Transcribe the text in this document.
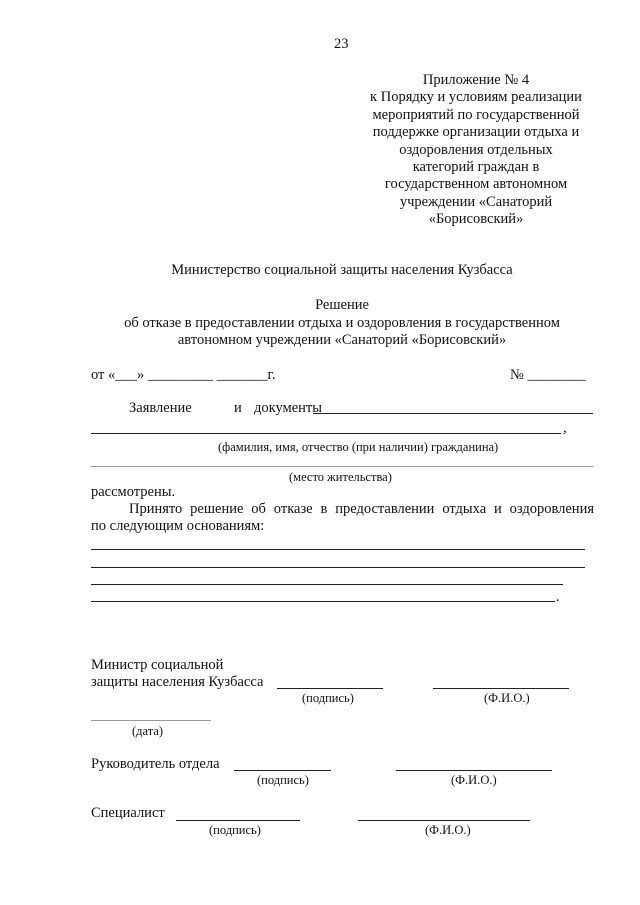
23
Приложение № 4
к Порядку и условиям реализации
мероприятий по государственной
поддержке организации отдыха и
оздоровления отдельных
категорий граждан в
государственном автономном
учреждении «Санаторий
«Борисовский»
Министерство социальной защиты населения Кузбасса
Решение
об отказе в предоставлении отдыха и оздоровления в государственном
автономном учреждении «Санаторий «Борисовский»
от «___» _________ _______г.	№ ________
Заявление	и документы
,
(фамилия, имя, отчество (при наличии) гражданина)
(место жительства)
рассмотрены.
Принято решение об отказе в предоставлении отдыха и оздоровления
по следующим основаниям:
.
Министр социальной
защиты населения Кузбасса
(подпись)	(Ф.И.О.)
(дата)
Руководитель отдела
(подпись)	(Ф.И.О.)
Специалист
(подпись)	(Ф.И.О.)
